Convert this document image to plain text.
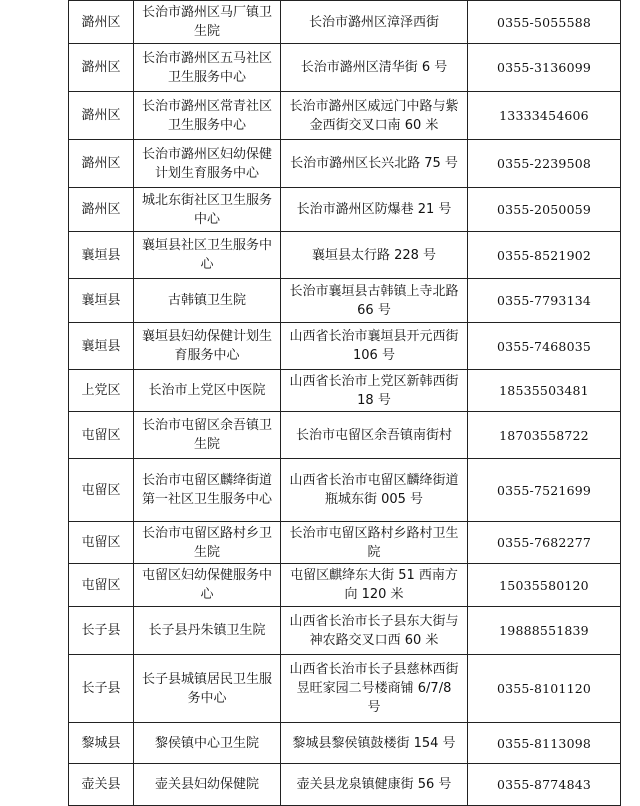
潞州区	长治市潞州区马厂镇卫生院	长治市潞州区漳泽西街	0355-5055588
潞州区	长治市潞州区五马社区卫生服务中心	长治市潞州区清华街 6 号	0355-3136099
潞州区	长治市潞州区常青社区卫生服务中心	长治市潞州区威远门中路与紫金西街交叉口南 60 米	13333454606
潞州区	长治市潞州区妇幼保健计划生育服务中心	长治市潞州区长兴北路 75 号	0355-2239508
潞州区	城北东街社区卫生服务中心	长治市潞州区防爆巷 21 号	0355-2050059
襄垣县	襄垣县社区卫生服务中心	襄垣县太行路 228 号	0355-8521902
襄垣县	古韩镇卫生院	长治市襄垣县古韩镇上寺北路 66 号	0355-7793134
襄垣县	襄垣县妇幼保健计划生育服务中心	山西省长治市襄垣县开元西街 106 号	0355-7468035
上党区	长治市上党区中医院	山西省长治市上党区新韩西街 18 号	18535503481
屯留区	长治市屯留区余吾镇卫生院	长治市屯留区余吾镇南街村	18703558722
屯留区	长治市屯留区麟绛街道第一社区卫生服务中心	山西省长治市屯留区麟绛街道瓶城东街 005 号	0355-7521699
屯留区	长治市屯留区路村乡卫生院	长治市屯留区路村乡路村卫生院	0355-7682277
屯留区	屯留区妇幼保健服务中心	屯留区麒绛东大街 51 西南方向 120 米	15035580120
长子县	长子县丹朱镇卫生院	山西省长治市长子县东大街与神农路交叉口西 60 米	19888551839
长子县	长子县城镇居民卫生服务中心	山西省长治市长子县慈林西街昱旺家园二号楼商铺 6/7/8 号	0355-8101120
黎城县	黎侯镇中心卫生院	黎城县黎侯镇鼓楼街 154 号	0355-8113098
壶关县	壶关县妇幼保健院	壶关县龙泉镇健康街 56 号	0355-8774843
